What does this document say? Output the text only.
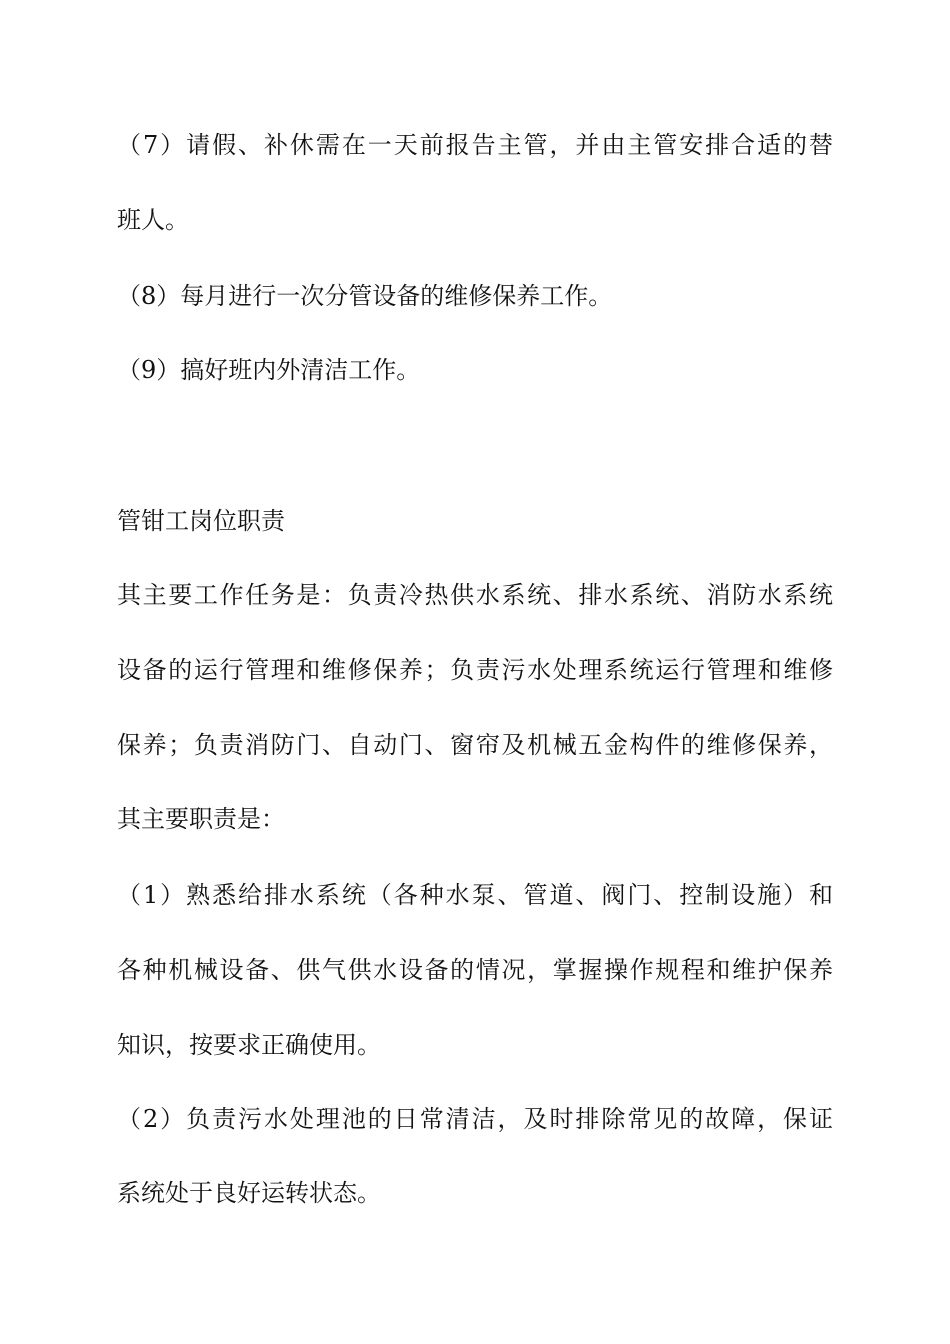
（7）请假、补休需在一天前报告主管，并由主管安排合适的替
班人。
（8）每月进行一次分管设备的维修保养工作。
（9）搞好班内外清洁工作。
管钳工岗位职责
其主要工作任务是：负责冷热供水系统、排水系统、消防水系统
设备的运行管理和维修保养；负责污水处理系统运行管理和维修
保养；负责消防门、自动门、窗帘及机械五金构件的维修保养，
其主要职责是：
（1）熟悉给排水系统（各种水泵、管道、阀门、控制设施）和
各种机械设备、供气供水设备的情况，掌握操作规程和维护保养
知识，按要求正确使用。
（2）负责污水处理池的日常清洁，及时排除常见的故障，保证
系统处于良好运转状态。
